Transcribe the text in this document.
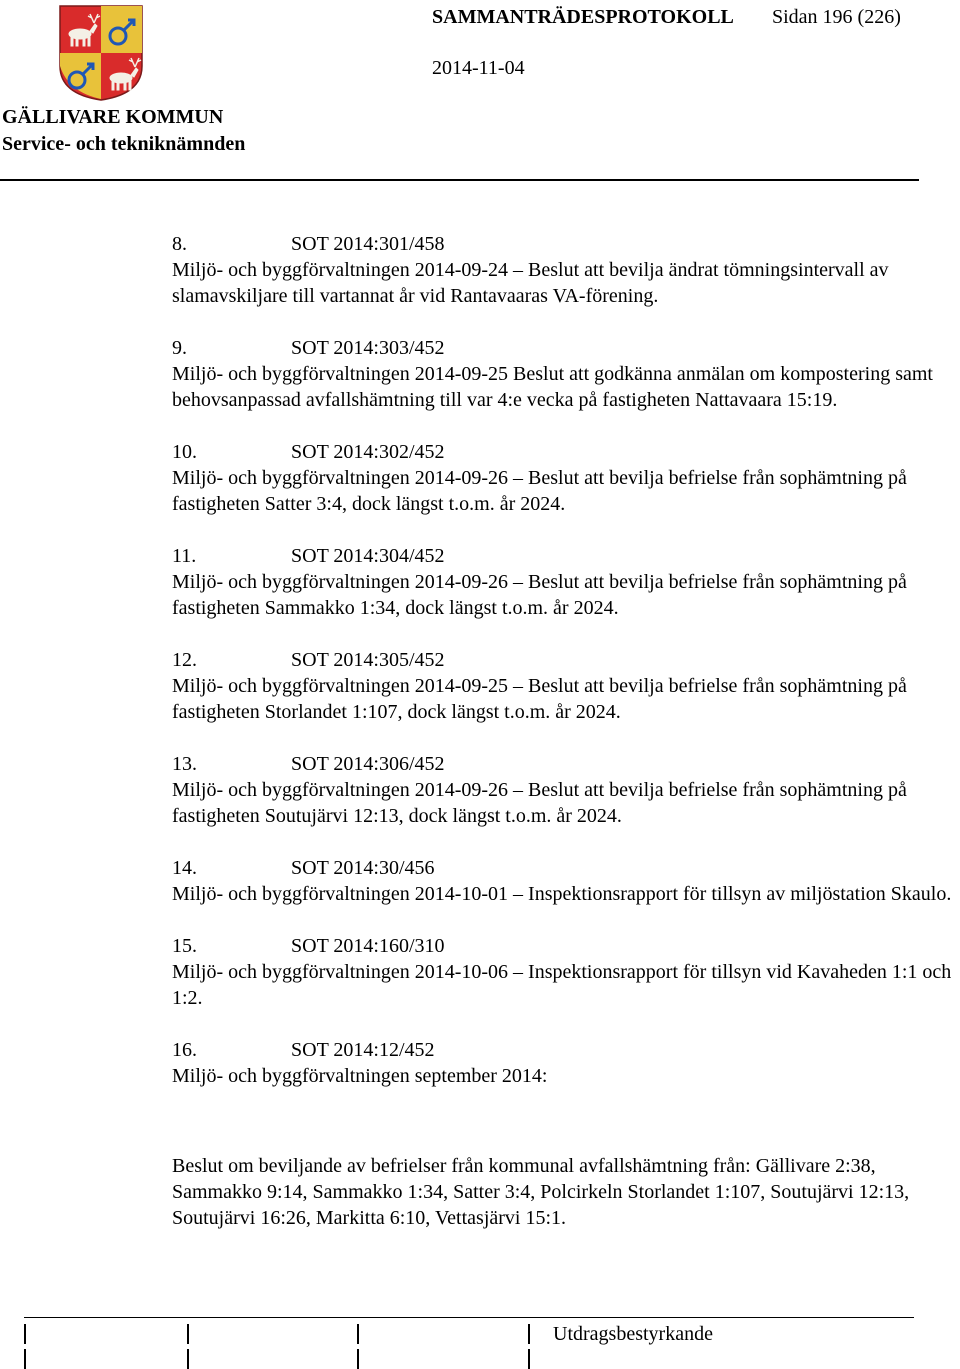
SAMMANTRÄDESPROTOKOLL Sidan 196 (226)
2014-11-04
GÄLLIVARE KOMMUN
Service- och tekniknämnden
8.	SOT 2014:301/458
Miljö- och byggförvaltningen 2014-09-24 – Beslut att bevilja ändrat tömningsintervall av slamavskiljare till vartannat år vid Rantavaaras VA-förening.
9.	SOT 2014:303/452
Miljö- och byggförvaltningen 2014-09-25 Beslut att godkänna anmälan om kompostering samt behovsanpassad avfallshämtning till var 4:e vecka på fastigheten Nattavaara 15:19.
10.	SOT 2014:302/452
Miljö- och byggförvaltningen 2014-09-26 – Beslut att bevilja befrielse från sophämtning på fastigheten Satter 3:4, dock längst t.o.m. år 2024.
11.	SOT 2014:304/452
Miljö- och byggförvaltningen 2014-09-26 – Beslut att bevilja befrielse från sophämtning på fastigheten Sammakko 1:34, dock längst t.o.m. år 2024.
12.	SOT 2014:305/452
Miljö- och byggförvaltningen 2014-09-25 – Beslut att bevilja befrielse från sophämtning på fastigheten Storlandet 1:107, dock längst t.o.m. år 2024.
13.	SOT 2014:306/452
Miljö- och byggförvaltningen 2014-09-26 – Beslut att bevilja befrielse från sophämtning på fastigheten Soutujärvi 12:13, dock längst t.o.m. år 2024.
14.	SOT 2014:30/456
Miljö- och byggförvaltningen 2014-10-01 – Inspektionsrapport för tillsyn av miljöstation Skaulo.
15.	SOT 2014:160/310
Miljö- och byggförvaltningen 2014-10-06 – Inspektionsrapport för tillsyn vid Kavaheden 1:1 och 1:2.
16.	SOT 2014:12/452
Miljö- och byggförvaltningen september 2014:
Beslut om beviljande av befrielser från kommunal avfallshämtning från: Gällivare 2:38, Sammakko 9:14, Sammakko 1:34, Satter 3:4, Polcirkeln Storlandet 1:107, Soutujärvi 12:13, Soutujärvi 16:26, Markitta 6:10, Vettasjärvi 15:1.
Utdragsbestyrkande
